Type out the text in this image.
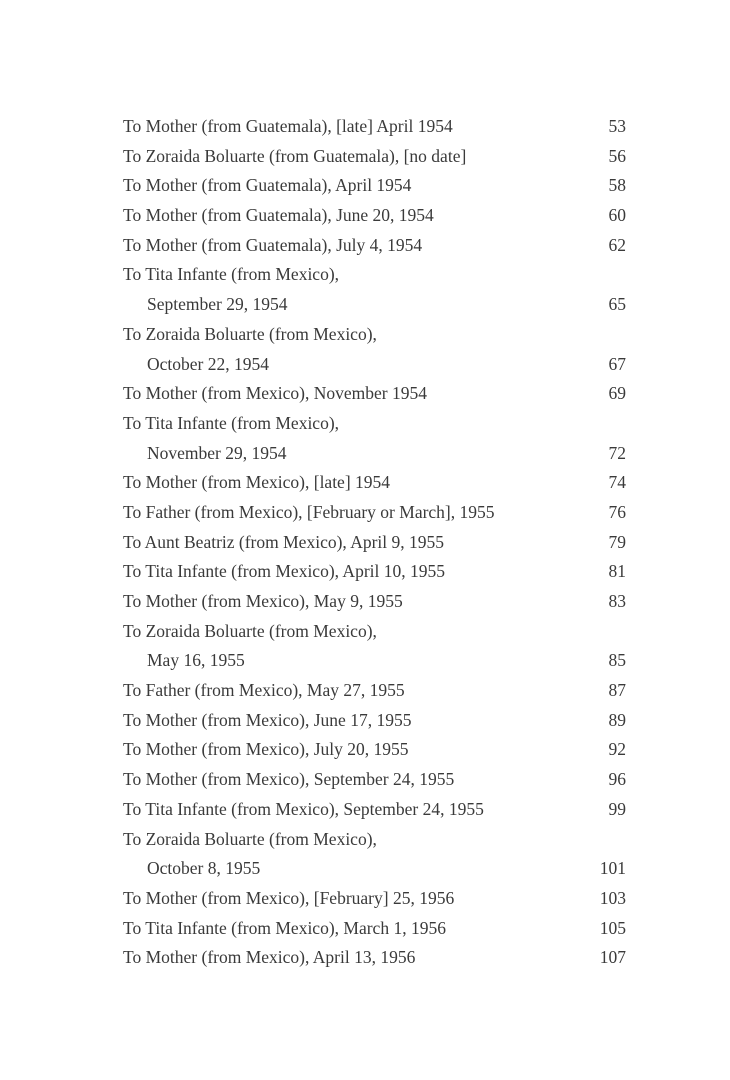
To Mother (from Guatemala), [late] April 1954	53
To Zoraida Boluarte (from Guatemala), [no date]	56
To Mother (from Guatemala), April 1954	58
To Mother (from Guatemala), June 20, 1954	60
To Mother (from Guatemala), July 4, 1954	62
To Tita Infante (from Mexico),
September 29, 1954	65
To Zoraida Boluarte (from Mexico),
October 22, 1954	67
To Mother (from Mexico), November 1954	69
To Tita Infante (from Mexico),
November 29, 1954	72
To Mother (from Mexico), [late] 1954	74
To Father (from Mexico), [February or March], 1955	76
To Aunt Beatriz (from Mexico), April 9, 1955	79
To Tita Infante (from Mexico), April 10, 1955	81
To Mother (from Mexico), May 9, 1955	83
To Zoraida Boluarte (from Mexico),
May 16, 1955	85
To Father (from Mexico), May 27, 1955	87
To Mother (from Mexico), June 17, 1955	89
To Mother (from Mexico), July 20, 1955	92
To Mother (from Mexico), September 24, 1955	96
To Tita Infante (from Mexico), September 24, 1955	99
To Zoraida Boluarte (from Mexico),
October 8, 1955	101
To Mother (from Mexico), [February] 25, 1956	103
To Tita Infante (from Mexico), March 1, 1956	105
To Mother (from Mexico), April 13, 1956	107
